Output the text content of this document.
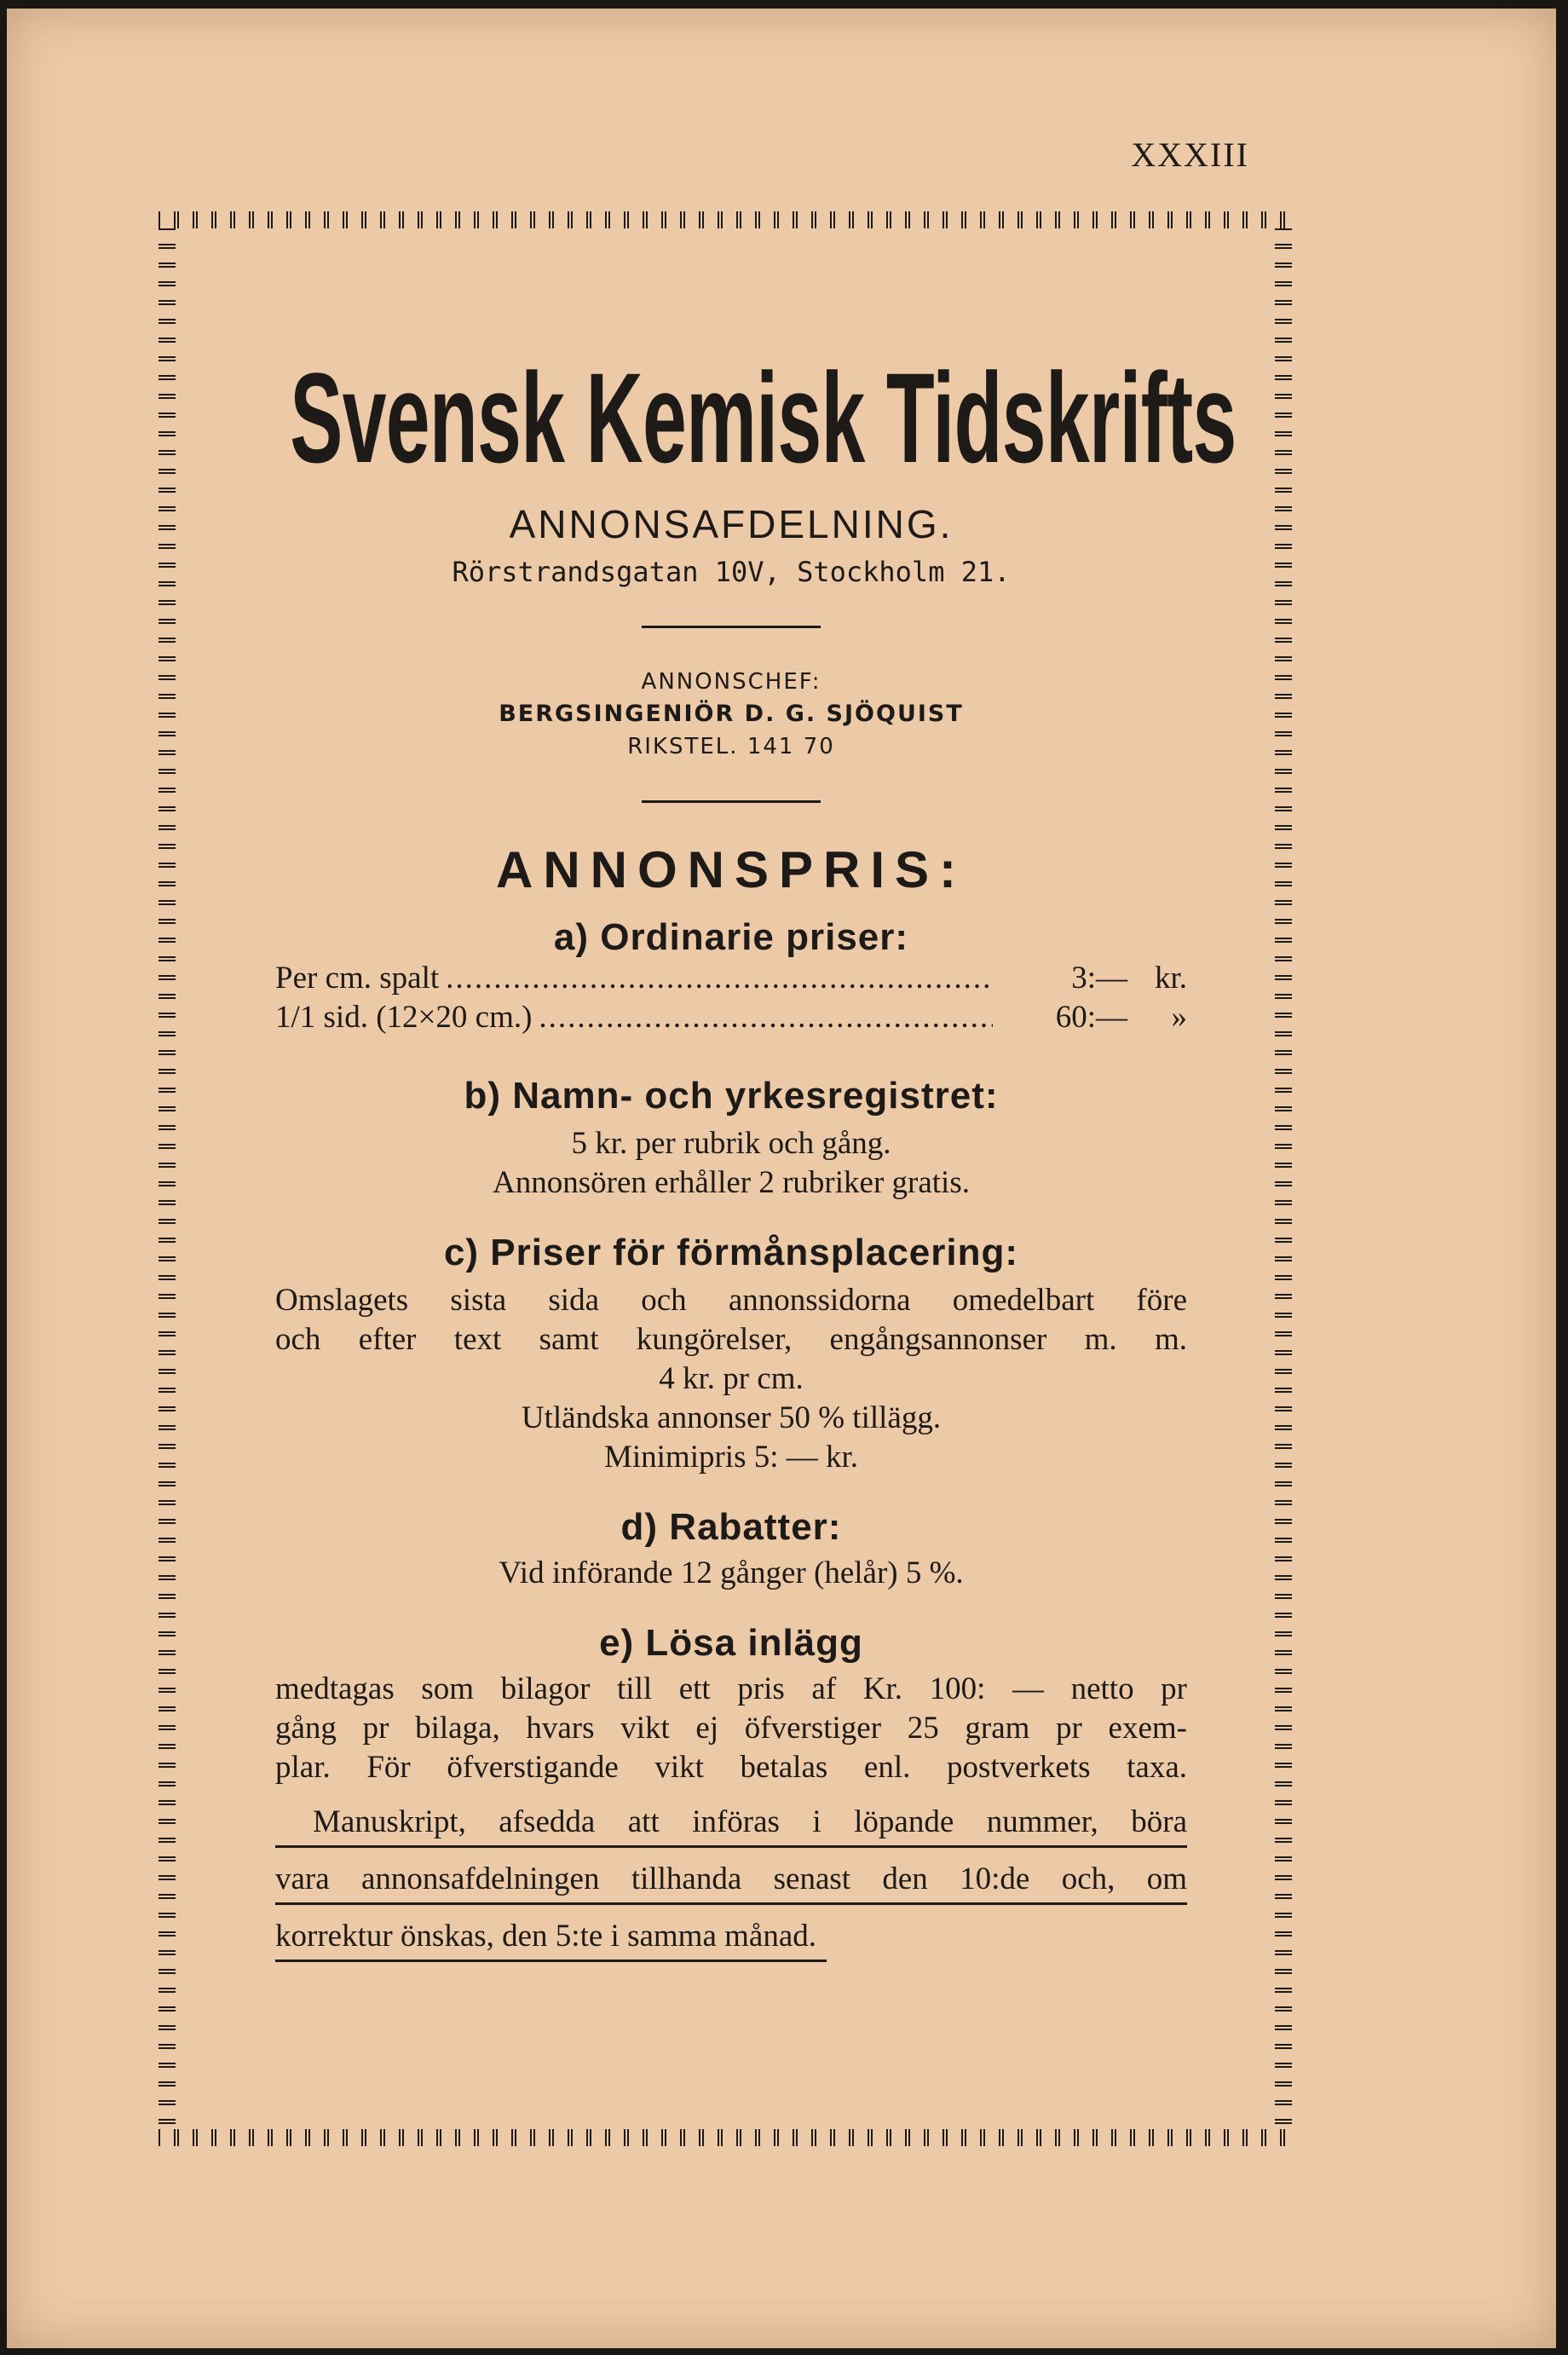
XXXIII
Svensk Kemisk Tidskrifts
ANNONSAFDELNING.
Rörstrandsgatan 10V, Stockholm 21.
ANNONSCHEF:
BERGSINGENIÖR D. G. SJÖQUIST
RIKSTEL. 141 70
ANNONSPRIS:
a) Ordinarie priser:
Per cm. spalt .....	3:— kr.
1/1 sid. (12×20 cm.) .....	60:—	»
b) Namn- och yrkesregistret:
5 kr. per rubrik och gång.
Annonsören erhåller 2 rubriker gratis.
c) Priser för förmånsplacering:
Omslagets sista sida och annonssidorna omedelbart före
och efter text samt kungörelser, engångsannonser m. m.
4 kr. pr cm.
Utländska annonser 50 % tillägg.
Minimipris 5: — kr.
d) Rabatter:
Vid införande 12 gånger (helår) 5 %.
e) Lösa inlägg
medtagas som bilagor till ett pris af Kr. 100: — netto pr
gång pr bilaga, hvars vikt ej öfverstiger 25 gram pr exem-
plar. För öfverstigande vikt betalas enl. postverkets taxa.
Manuskript, afsedda att införas i löpande nummer, böra
vara annonsafdelningen tillhanda senast den 10:de och, om
korrektur önskas, den 5:te i samma månad.
